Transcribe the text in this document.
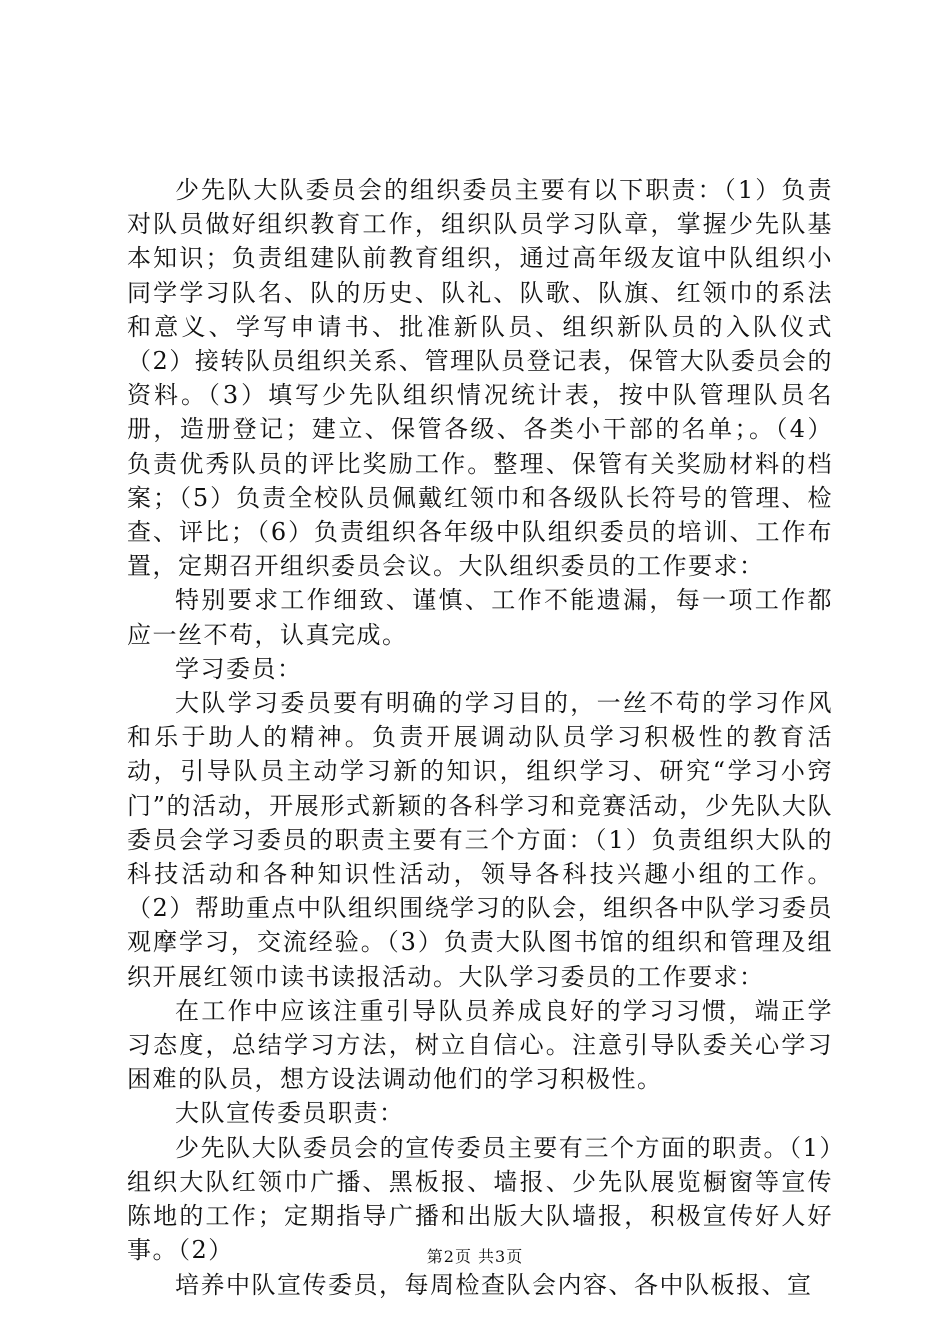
少先队大队委员会的组织委员主要有以下职责：（1）负责对队员做好组织教育工作，组织队员学习队章，掌握少先队基本知识；负责组建队前教育组织，通过高年级友谊中队组织小同学学习队名、队的历史、队礼、队歌、队旗、红领巾的系法和意义、学写申请书、批准新队员、组织新队员的入队仪式（2）接转队员组织关系、管理队员登记表，保管大队委员会的资料。（3）填写少先队组织情况统计表，按中队管理队员名册，造册登记；建立、保管各级、各类小干部的名单；。（4）负责优秀队员的评比奖励工作。整理、保管有关奖励材料的档案；（5）负责全校队员佩戴红领巾和各级队长符号的管理、检查、评比；（6）负责组织各年级中队组织委员的培训、工作布置，定期召开组织委员会议。大队组织委员的工作要求：

特别要求工作细致、谨慎、工作不能遗漏，每一项工作都应一丝不苟，认真完成。

学习委员：

大队学习委员要有明确的学习目的，一丝不苟的学习作风和乐于助人的精神。负责开展调动队员学习积极性的教育活动，引导队员主动学习新的知识，组织学习、研究“学习小窍门”的活动，开展形式新颖的各科学习和竞赛活动，少先队大队委员会学习委员的职责主要有三个方面：（1）负责组织大队的科技活动和各种知识性活动，领导各科技兴趣小组的工作。（2）帮助重点中队组织围绕学习的队会，组织各中队学习委员观摩学习，交流经验。（3）负责大队图书馆的组织和管理及组织开展红领巾读书读报活动。大队学习委员的工作要求：

在工作中应该注重引导队员养成良好的学习习惯，端正学习态度，总结学习方法，树立自信心。注意引导队委关心学习困难的队员，想方设法调动他们的学习积极性。

大队宣传委员职责：

少先队大队委员会的宣传委员主要有三个方面的职责。（1）组织大队红领巾广播、黑板报、墙报、少先队展览橱窗等宣传陈地的工作；定期指导广播和出版大队墙报，积极宣传好人好事。（2）

培养中队宣传委员，每周检查队会内容、各中队板报、宣

第2页 共3页
